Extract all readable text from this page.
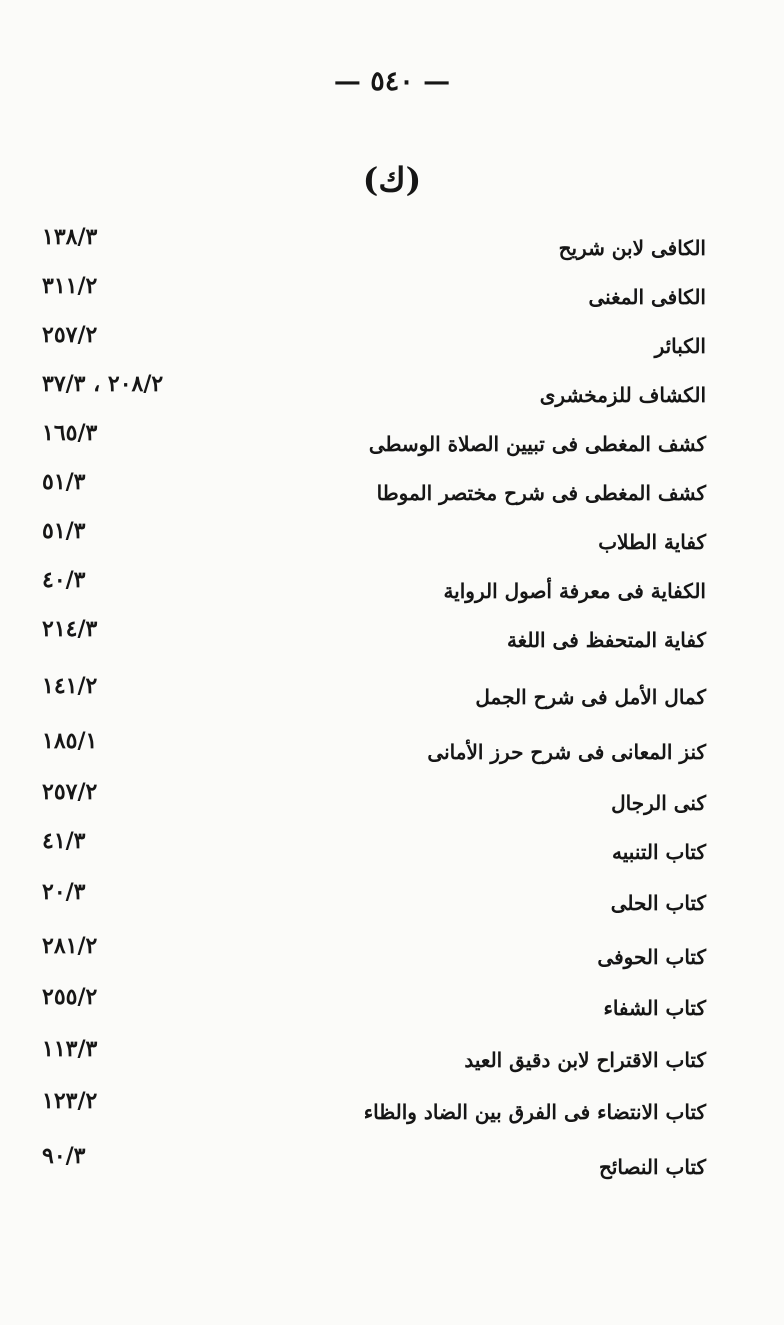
— ٥٤٠ —
(ك)
الكافى لابن شريح
١٣٨/٣
الكافى المغنى
٣١١/٢
الكبائر
٢٥٧/٢
الكشاف للزمخشرى
٢٠٨/٢ ، ٣٧/٣
كشف المغطى فى تبيين الصلاة الوسطى
١٦٥/٣
كشف المغطى فى شرح مختصر الموطا
٥١/٣
كفاية الطلاب
٥١/٣
الكفاية فى معرفة أصول الرواية
٤٠/٣
كفاية المتحفظ فى اللغة
٢١٤/٣
كمال الأمل فى شرح الجمل
١٤١/٢
كنز المعانى فى شرح حرز الأمانى
١٨٥/١
كنى الرجال
٢٥٧/٢
كتاب التنبيه
٤١/٣
كتاب الحلى
٢٠/٣
كتاب الحوفى
٢٨١/٢
كتاب الشفاء
٢٥٥/٢
كتاب الاقتراح لابن دقيق العيد
١١٣/٣
كتاب الانتضاء فى الفرق بين الضاد والظاء
١٢٣/٢
كتاب النصائح
٩٠/٣
